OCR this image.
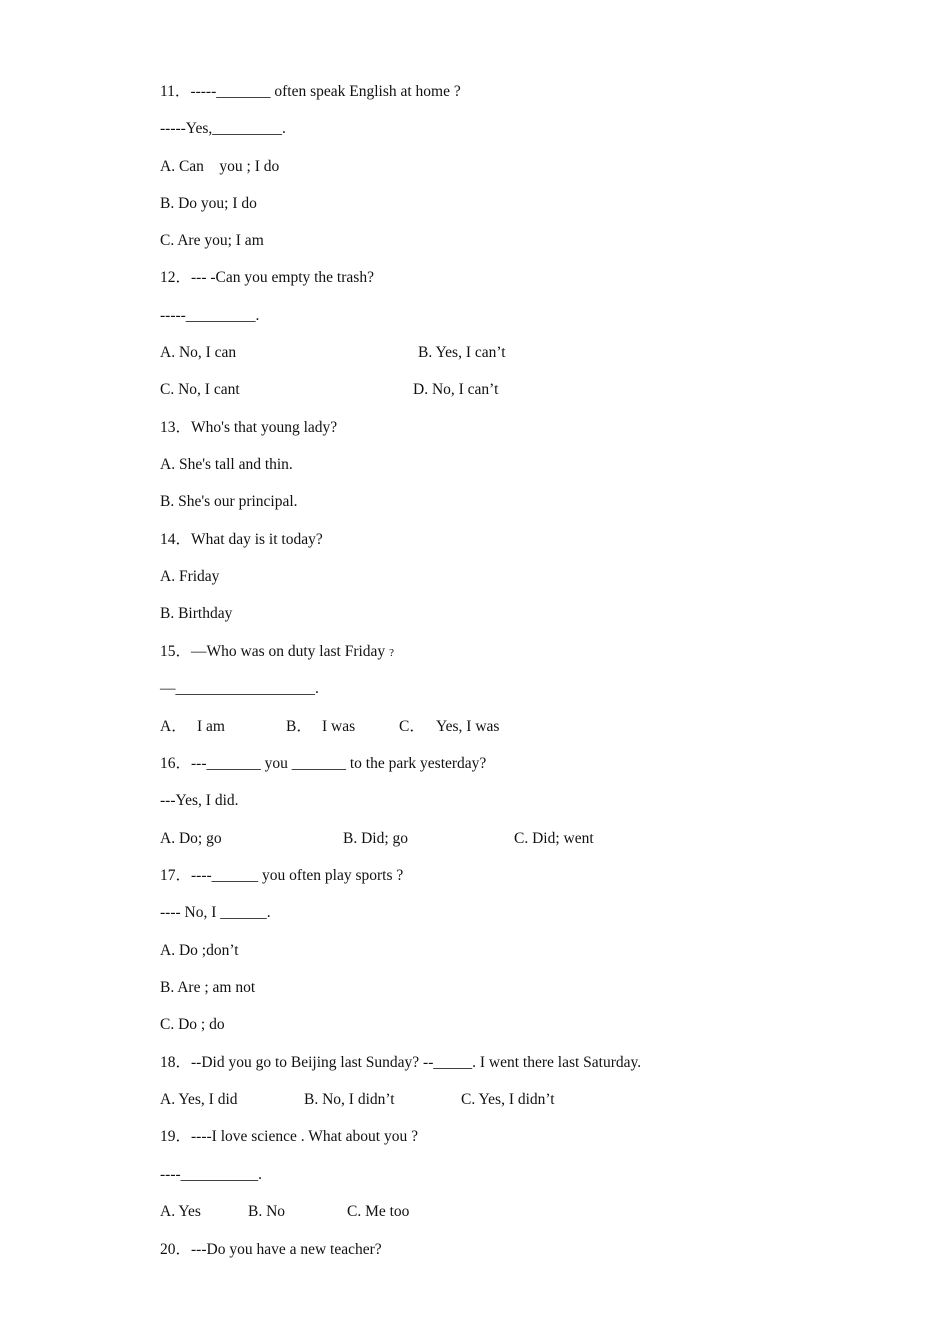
11．-----_______ often speak English at home ?
-----Yes,_________.
A. Can    you ; I do
B. Do you; I do
C. Are you; I am
12．--- -Can you empty the trash?
-----_________.
A. No, I can	B. Yes, I can’t
C. No, I cant	D. No, I can’t
13．Who's that young lady?
A. She's tall and thin.
B. She's our principal.
14．What day is it today?
A. Friday
B. Birthday
15．—Who was on duty last Friday ?
—__________________.
A． I am	B． I was	C． Yes, I was
16．---_______ you _______ to the park yesterday?
---Yes, I did.
A. Do; go	B. Did; go	C. Did; went
17．----______ you often play sports ?
---- No, I ______.
A. Do ;don’t
B. Are ; am not
C. Do ; do
18．--Did you go to Beijing last Sunday? --_____. I went there last Saturday.
A. Yes, I did	B. No, I didn’t	C. Yes, I didn’t
19．----I love science . What about you ?
----__________.
A. Yes	B. No	C. Me too
20．---Do you have a new teacher?
